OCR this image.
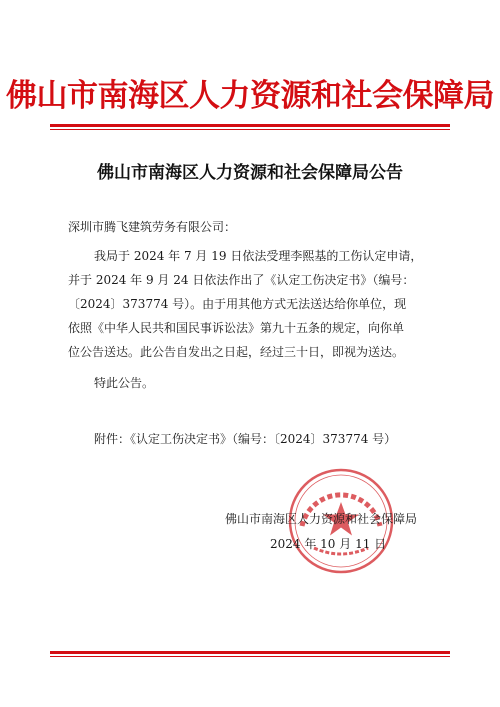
佛山市南海区人力资源和社会保障局
佛山市南海区人力资源和社会保障局公告
深圳市腾飞建筑劳务有限公司：
我局于 2024 年 7 月 19 日依法受理李熙基的工伤认定申请，
并于 2024 年 9 月 24 日依法作出了《认定工伤决定书》（编号：
〔2024〕373774 号）。由于用其他方式无法送达给你单位，现
依照《中华人民共和国民事诉讼法》第九十五条的规定，向你单
位公告送达。此公告自发出之日起，经过三十日，即视为送达。
特此公告。
附件：《认定工伤决定书》（编号：〔2024〕373774 号）
佛山市南海区人力资源和社会保障局
2024 年 10 月 11 日
